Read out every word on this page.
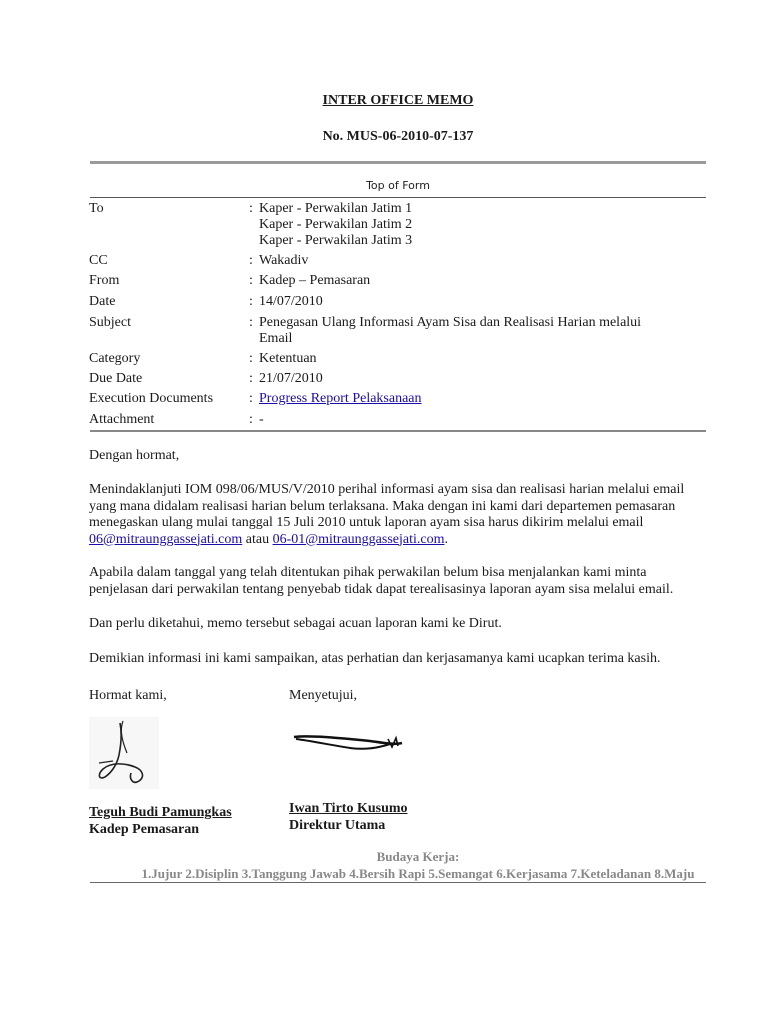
INTER OFFICE MEMO
No. MUS-06-2010-07-137
Top of Form
To	: Kaper - Perwakilan Jatim 1
Kaper - Perwakilan Jatim 2
Kaper - Perwakilan Jatim 3
CC	: Wakadiv
From	: Kadep – Pemasaran
Date	: 14/07/2010
Subject	: Penegasan Ulang Informasi Ayam Sisa dan Realisasi Harian melalui
Email
Category	: Ketentuan
Due Date	: 21/07/2010
Execution Documents	: Progress Report Pelaksanaan
Attachment	: -
Dengan hormat,
Menindaklanjuti IOM 098/06/MUS/V/2010 perihal informasi ayam sisa dan realisasi harian melalui email
yang mana didalam realisasi harian belum terlaksana. Maka dengan ini kami dari departemen pemasaran
menegaskan ulang mulai tanggal 15 Juli 2010 untuk laporan ayam sisa harus dikirim melalui email
06@mitraunggassejati.com atau 06-01@mitraunggassejati.com.
Apabila dalam tanggal yang telah ditentukan pihak perwakilan belum bisa menjalankan kami minta
penjelasan dari perwakilan tentang penyebab tidak dapat terealisasinya laporan ayam sisa melalui email.
Dan perlu diketahui, memo tersebut sebagai acuan laporan kami ke Dirut.
Demikian informasi ini kami sampaikan, atas perhatian dan kerjasamanya kami ucapkan terima kasih.
Hormat kami,	Menyetujui,
Teguh Budi Pamungkas
Kadep Pemasaran
Iwan Tirto Kusumo
Direktur Utama
Budaya Kerja:
1.Jujur 2.Disiplin 3.Tanggung Jawab 4.Bersih Rapi 5.Semangat 6.Kerjasama 7.Keteladanan 8.Maju
